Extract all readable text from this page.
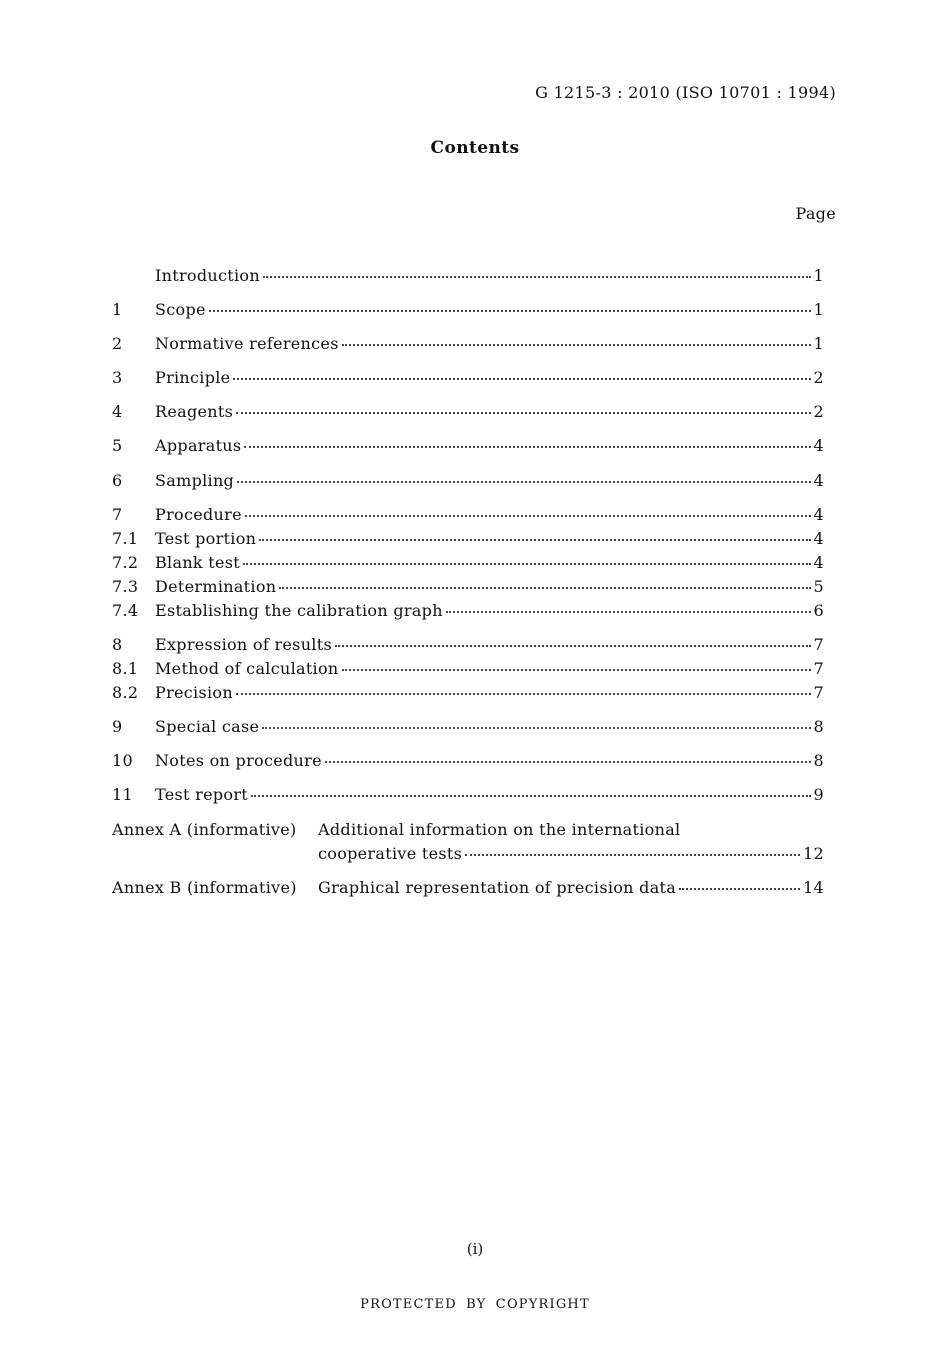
G 1215-3 : 2010 (ISO 10701 : 1994)
Contents
Page
Introduction	1
1	Scope	1
2	Normative references	1
3	Principle	2
4	Reagents	2
5	Apparatus	4
6	Sampling	4
7	Procedure	4
7.1	Test portion	4
7.2	Blank test	4
7.3	Determination	5
7.4	Establishing the calibration graph	6
8	Expression of results	7
8.1	Method of calculation	7
8.2	Precision	7
9	Special case	8
10	Notes on procedure	8
11	Test report	9
Annex A (informative) Additional information on the international
cooperative tests	12
Annex B (informative) Graphical representation of precision data	14
(i)
PROTECTED BY COPYRIGHT
